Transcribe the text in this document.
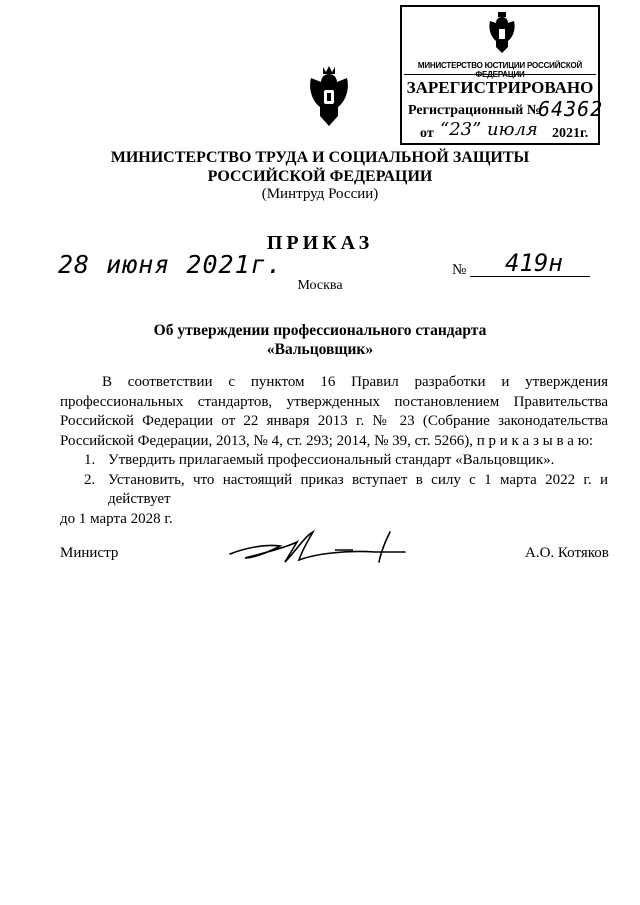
МИНИСТЕРСТВО ЮСТИЦИИ РОССИЙСКОЙ ФЕДЕРАЦИИ
ЗАРЕГИСТРИРОВАНО
Регистрационный №
64362
от “23” июля 2021г.
МИНИСТЕРСТВО ТРУДА И СОЦИАЛЬНОЙ ЗАЩИТЫ
РОССИЙСКОЙ ФЕДЕРАЦИИ
(Минтруд России)
ПРИКАЗ
28 июня 2021г.	№ 419н
Москва
Об утверждении профессионального стандарта
«Вальцовщик»

В соответствии с пунктом 16 Правил разработки и утверждения профессиональных стандартов, утвержденных постановлением Правительства Российской Федерации от 22 января 2013 г. № 23 (Собрание законодательства Российской Федерации, 2013, № 4, ст. 293; 2014, № 39, ст. 5266), п р и к а з ы в а ю:

1. Утвердить прилагаемый профессиональный стандарт «Вальцовщик».
2. Установить, что настоящий приказ вступает в силу с 1 марта 2022 г. и действует

до 1 марта 2028 г.

Министр	А.О. Котяков
